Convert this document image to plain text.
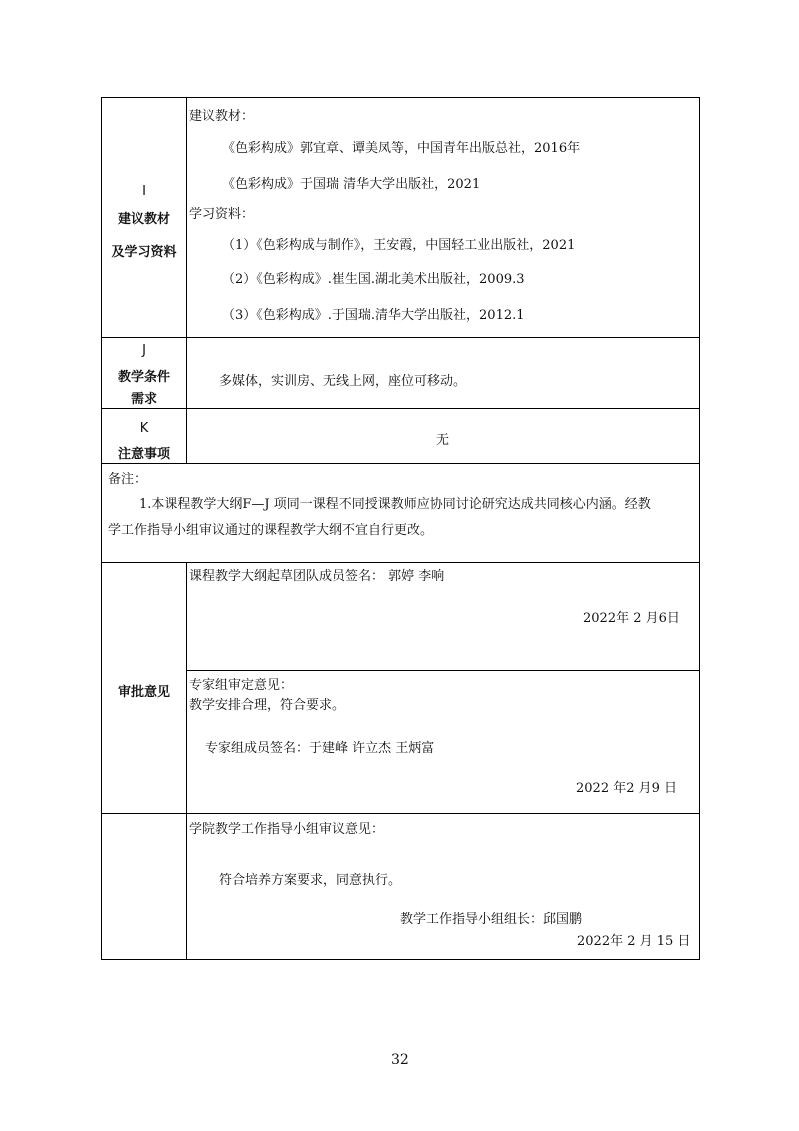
I
建议教材
及学习资料
建议教材：
《色彩构成》郭宜章、谭美凤等，中国青年出版总社，2016年
《色彩构成》于国瑞 清华大学出版社，2021
学习资料：
（1）《色彩构成与制作》，王安霞，中国轻工业出版社，2021
（2）《色彩构成》.崔生国.湖北美术出版社，2009.3
（3）《色彩构成》.于国瑞.清华大学出版社，2012.1
J
教学条件
需求
多媒体，实训房、无线上网，座位可移动。
K
注意事项
无
备注：
1.本课程教学大纲F—J 项同一课程不同授课教师应协同讨论研究达成共同核心内涵。经教
学工作指导小组审议通过的课程教学大纲不宜自行更改。
审批意见
课程教学大纲起草团队成员签名： 郭婷 李响
2022年 2 月6日
专家组审定意见：
教学安排合理，符合要求。
专家组成员签名：于建峰 许立杰 王炳富
2022 年2 月9 日
学院教学工作指导小组审议意见：
符合培养方案要求，同意执行。
教学工作指导小组组长：邱国鹏
2022年 2 月 15 日
32
